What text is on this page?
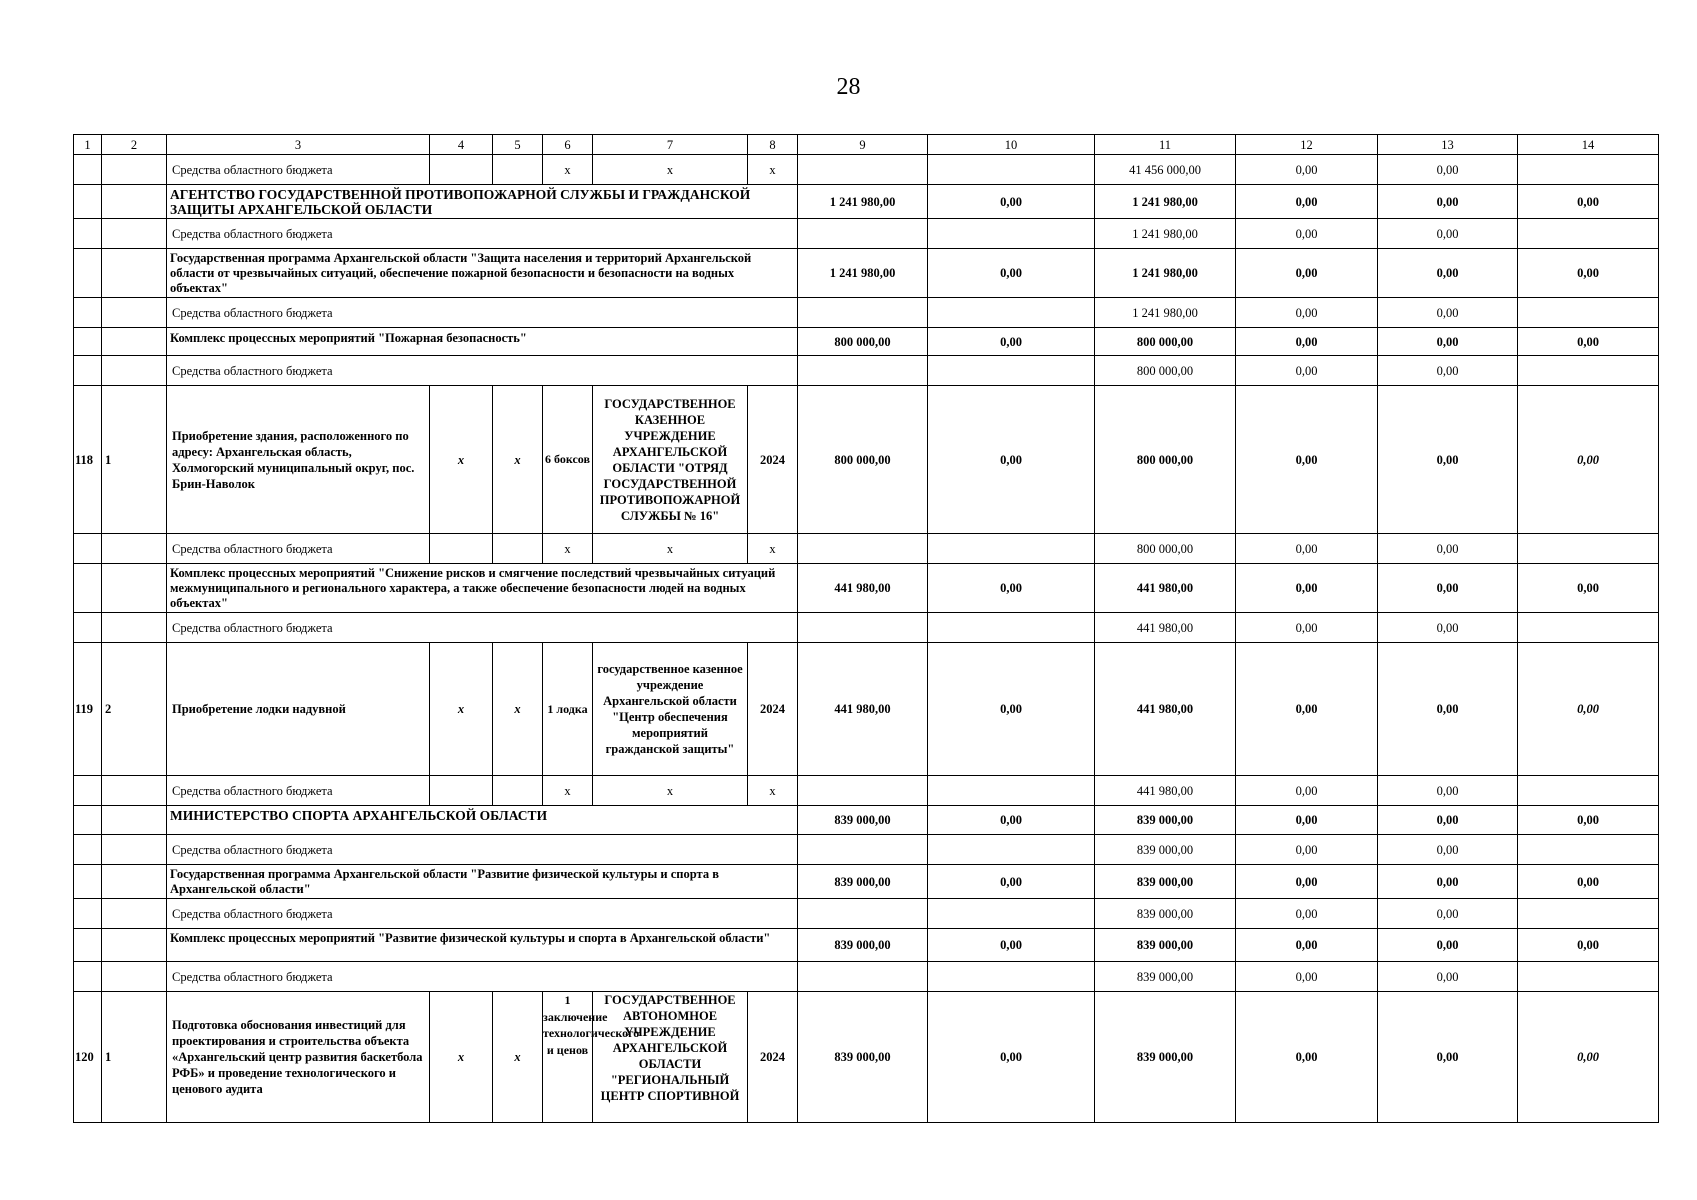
28
1	2	3	4	5	6	7	8	9	10	11	12	13	14
		Средства областного бюджета			x	x	x			41 456 000,00	0,00	0,00	
		АГЕНТСТВО ГОСУДАРСТВЕННОЙ ПРОТИВОПОЖАРНОЙ СЛУЖБЫ И ГРАЖДАНСКОЙ ЗАЩИТЫ АРХАНГЕЛЬСКОЙ ОБЛАСТИ						1 241 980,00	0,00	1 241 980,00	0,00	0,00	0,00
		Средства областного бюджета								1 241 980,00	0,00	0,00	
		Государственная программа Архангельской области "Защита населения и территорий Архангельской области от чрезвычайных ситуаций, обеспечение пожарной безопасности и безопасности на водных объектах"						1 241 980,00	0,00	1 241 980,00	0,00	0,00	0,00
		Средства областного бюджета								1 241 980,00	0,00	0,00	
		Комплекс процессных мероприятий "Пожарная безопасность"						800 000,00	0,00	800 000,00	0,00	0,00	0,00
		Средства областного бюджета								800 000,00	0,00	0,00	
118	1	Приобретение здания, расположенного по адресу: Архангельская область, Холмогорский муниципальный округ, пос. Брин-Наволок	x	x	6 боксов	ГОСУДАРСТВЕННОЕ КАЗЕННОЕ УЧРЕЖДЕНИЕ АРХАНГЕЛЬСКОЙ ОБЛАСТИ "ОТРЯД ГОСУДАРСТВЕННОЙ ПРОТИВОПОЖАРНОЙ СЛУЖБЫ № 16"	2024	800 000,00	0,00	800 000,00	0,00	0,00	0,00
		Средства областного бюджета			x	x	x			800 000,00	0,00	0,00	
		Комплекс процессных мероприятий "Снижение рисков и смягчение последствий чрезвычайных ситуаций межмуниципального и регионального характера, а также обеспечение безопасности людей на водных объектах"						441 980,00	0,00	441 980,00	0,00	0,00	0,00
		Средства областного бюджета								441 980,00	0,00	0,00	
119	2	Приобретение лодки надувной	x	x	1 лодка	государственное казенное учреждение Архангельской области "Центр обеспечения мероприятий гражданской защиты"	2024	441 980,00	0,00	441 980,00	0,00	0,00	0,00
		Средства областного бюджета			x	x	x			441 980,00	0,00	0,00	
		МИНИСТЕРСТВО СПОРТА АРХАНГЕЛЬСКОЙ ОБЛАСТИ						839 000,00	0,00	839 000,00	0,00	0,00	0,00
		Средства областного бюджета								839 000,00	0,00	0,00	
		Государственная программа Архангельской области "Развитие физической культуры и спорта в Архангельской области"						839 000,00	0,00	839 000,00	0,00	0,00	0,00
		Средства областного бюджета								839 000,00	0,00	0,00	
		Комплекс процессных мероприятий "Развитие физической культуры и спорта в Архангельской области"						839 000,00	0,00	839 000,00	0,00	0,00	0,00
		Средства областного бюджета								839 000,00	0,00	0,00	
120	1	Подготовка обоснования инвестиций для проектирования и строительства объекта «Архангельский центр развития баскетбола РФБ» и проведение технологического и ценового аудита	x	x	1 заключение технологического и ценов	ГОСУДАРСТВЕННОЕ АВТОНОМНОЕ УЧРЕЖДЕНИЕ АРХАНГЕЛЬСКОЙ ОБЛАСТИ "РЕГИОНАЛЬНЫЙ ЦЕНТР СПОРТИВНОЙ	2024	839 000,00	0,00	839 000,00	0,00	0,00	0,00
